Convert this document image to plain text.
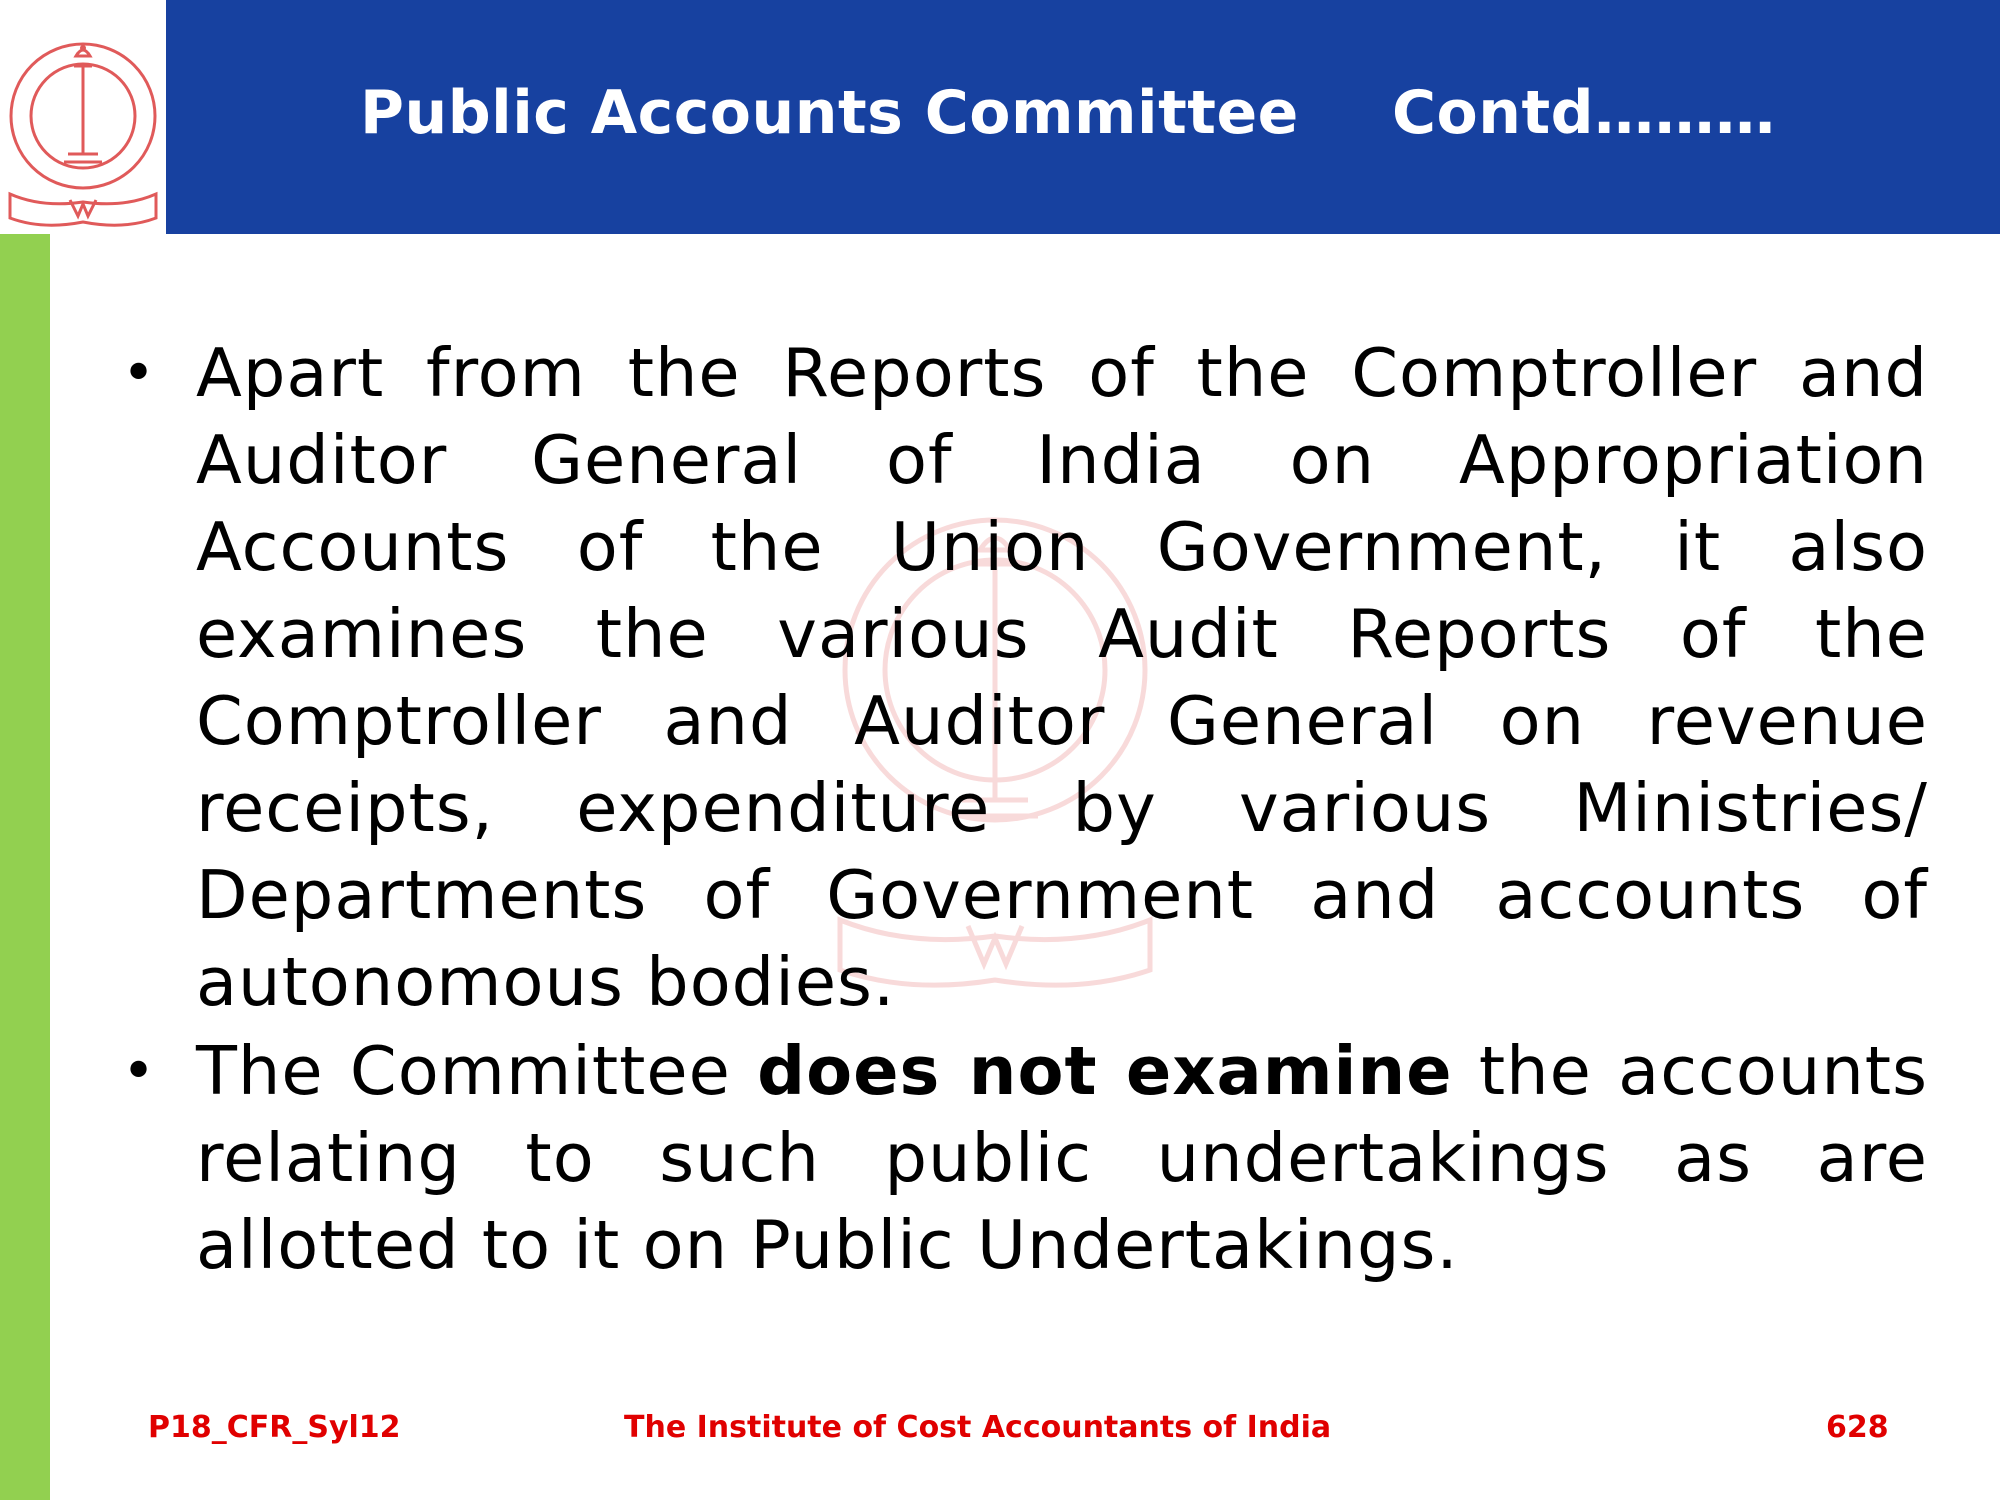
Public Accounts Committee Contd………
• Apart from the Reports of the Comptroller and Auditor General of India on Appropriation Accounts of the Union Government, it also examines the various Audit Reports of the Comptroller and Auditor General on revenue receipts, expenditure by various Ministries/ Departments of Government and accounts of autonomous bodies.
• The Committee does not examine the accounts relating to such public undertakings as are allotted to it on Public Undertakings.
P18_CFR_Syl12	The Institute of Cost Accountants of India	628
